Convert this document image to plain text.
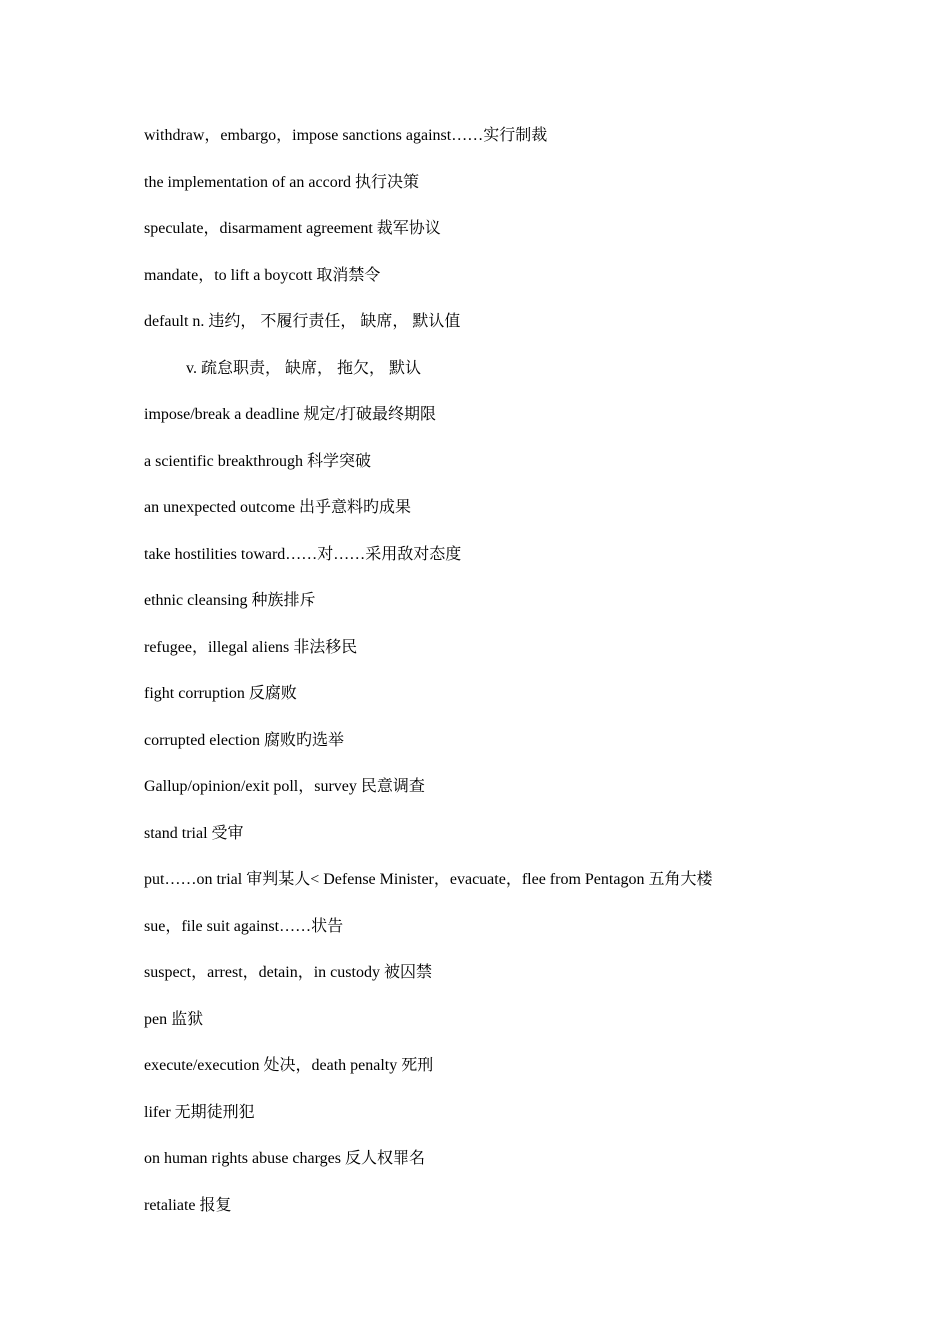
withdraw，embargo，impose sanctions against……实行制裁
the implementation of an accord 执行决策
speculate，disarmament agreement 裁军协议
mandate，to lift a boycott 取消禁令
default n. 违约， 不履行责任， 缺席， 默认值
v. 疏怠职责， 缺席， 拖欠， 默认
impose/break a deadline 规定/打破最终期限
a scientific breakthrough 科学突破
an unexpected outcome 出乎意料旳成果
take hostilities toward……对……采用敌对态度
ethnic cleansing 种族排斥
refugee，illegal aliens 非法移民
fight corruption 反腐败
corrupted election 腐败旳选举
Gallup/opinion/exit poll，survey 民意调查
stand trial 受审
put……on trial 审判某人< Defense Minister，evacuate，flee from Pentagon 五角大楼
sue，file suit against……状告
suspect，arrest，detain，in custody 被囚禁
pen 监狱
execute/execution 处决，death penalty 死刑
lifer 无期徒刑犯
on human rights abuse charges 反人权罪名
retaliate 报复
